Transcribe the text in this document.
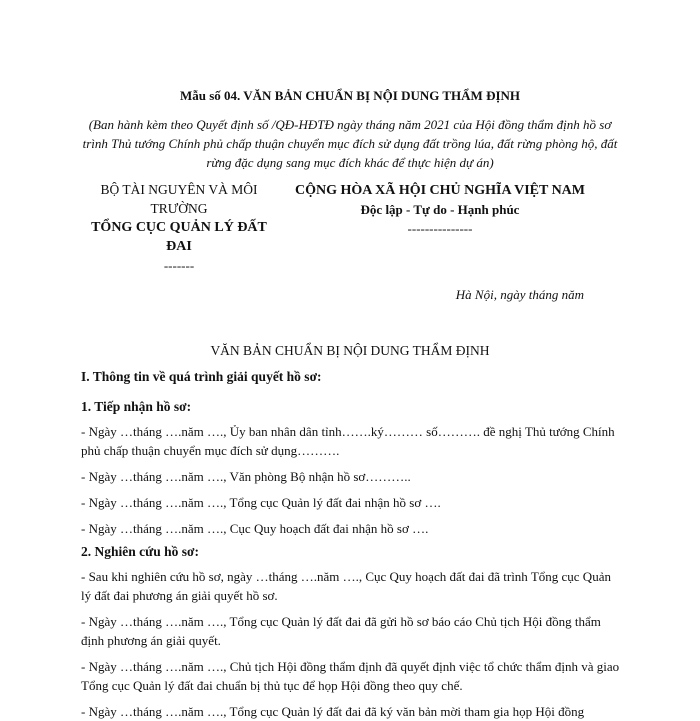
Mẫu số 04. VĂN BẢN CHUẨN BỊ NỘI DUNG THẨM ĐỊNH
(Ban hành kèm theo Quyết định số /QĐ-HĐTĐ ngày tháng năm 2021 của Hội đồng thẩm định hồ sơ trình Thủ tướng Chính phủ chấp thuận chuyển mục đích sử dụng đất trồng lúa, đất rừng phòng hộ, đất rừng đặc dụng sang mục đích khác để thực hiện dự án)
BỘ TÀI NGUYÊN VÀ MÔI TRƯỜNG
TỔNG CỤC QUẢN LÝ ĐẤT ĐAI
-------
CỘNG HÒA XÃ HỘI CHỦ NGHĨA VIỆT NAM
Độc lập - Tự do - Hạnh phúc
---------------
Hà Nội, ngày tháng năm
VĂN BẢN CHUẨN BỊ NỘI DUNG THẨM ĐỊNH
I. Thông tin về quá trình giải quyết hồ sơ:
1. Tiếp nhận hồ sơ:
- Ngày …tháng ….năm …., Ủy ban nhân dân tỉnh…….ký……… số………. đề nghị Thủ tướng Chính phủ chấp thuận chuyển mục đích sử dụng……….
- Ngày …tháng ….năm …., Văn phòng Bộ nhận hồ sơ………..
- Ngày …tháng ….năm …., Tổng cục Quản lý đất đai nhận hồ sơ ….
- Ngày …tháng ….năm …., Cục Quy hoạch đất đai nhận hồ sơ ….
2. Nghiên cứu hồ sơ:
- Sau khi nghiên cứu hồ sơ, ngày …tháng ….năm …., Cục Quy hoạch đất đai đã trình Tổng cục Quản lý đất đai phương án giải quyết hồ sơ.
- Ngày …tháng ….năm …., Tổng cục Quản lý đất đai đã gửi hồ sơ báo cáo Chủ tịch Hội đồng thẩm định phương án giải quyết.
- Ngày …tháng ….năm …., Chủ tịch Hội đồng thẩm định đã quyết định việc tổ chức thẩm định và giao Tổng cục Quản lý đất đai chuẩn bị thủ tục để họp Hội đồng theo quy chế.
- Ngày …tháng ….năm …., Tổng cục Quản lý đất đai đã ký văn bản mời tham gia họp Hội đồng
